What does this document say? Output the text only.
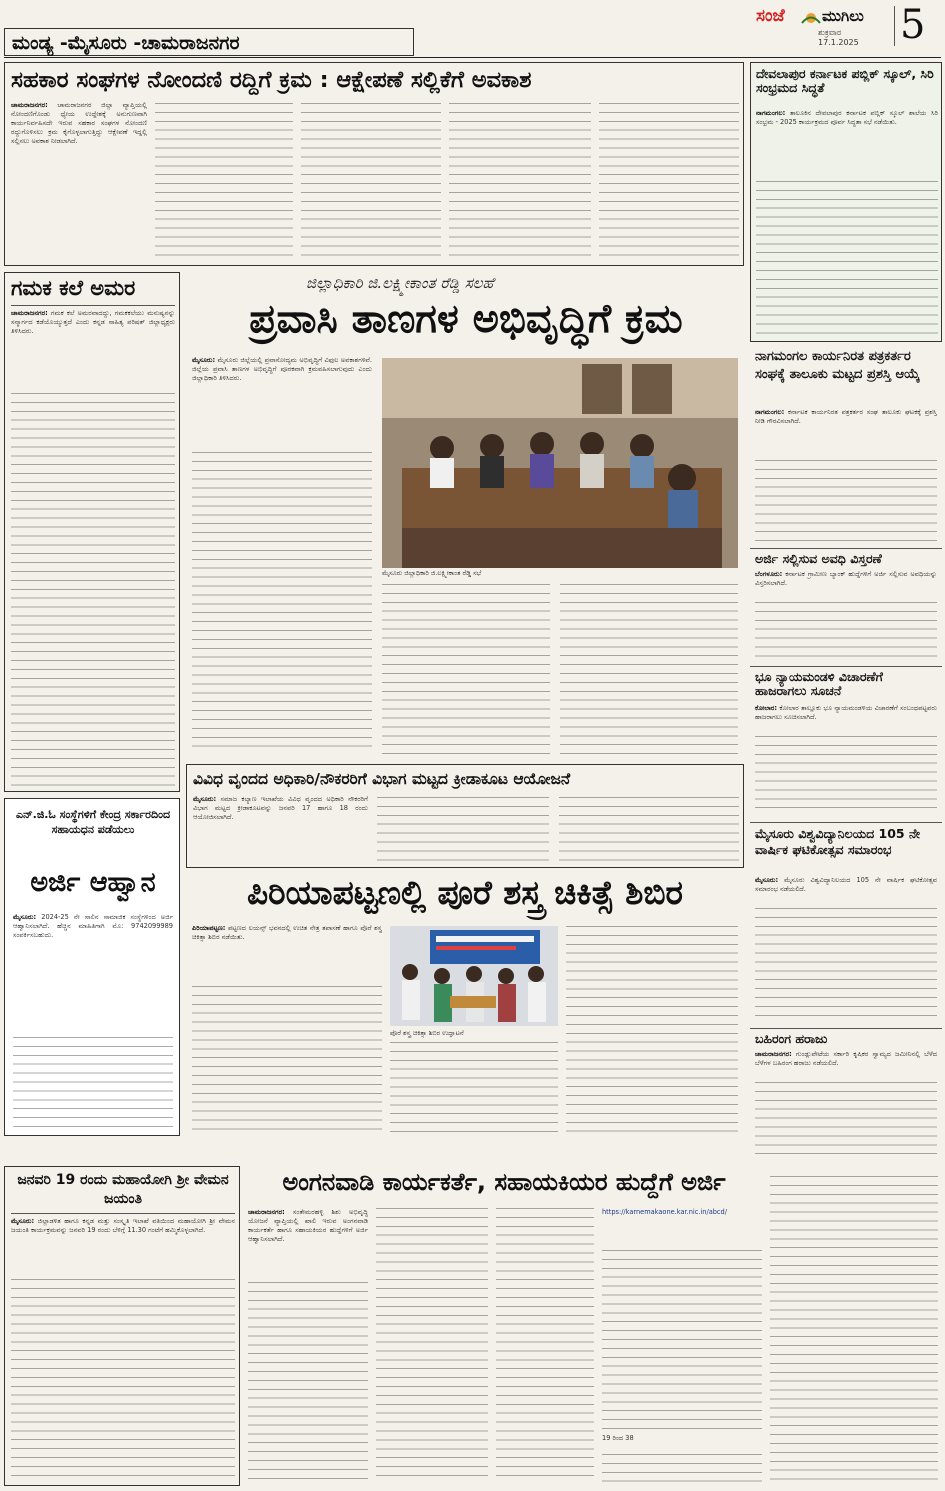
ಮಂಡ್ಯ -ಮೈಸೂರು -ಚಾಮರಾಜನಗರ
ಸಂಜೆ ಮುಗಿಲು
ಶುಕ್ರವಾರ
17.1.2025 5
ಸಹಕಾರ ಸಂಘಗಳ ನೋಂದಣಿ ರದ್ದಿಗೆ ಕ್ರಮ : ಆಕ್ಷೇಪಣೆ ಸಲ್ಲಿಕೆಗೆ ಅವಕಾಶ
ಚಾಮರಾಜನಗರ: ಚಾಮರಾಜನಗರ ಜಿಲ್ಲಾ ವ್ಯಾಪ್ತಿಯಲ್ಲಿ ನೋಂದಣಿಗೊಂಡು ಧ್ಯೇಯ ಉದ್ದೇಶಕ್ಕೆ ಅನುಗುಣವಾಗಿ ಕಾರ್ಯನಿರ್ವಹಿಸದೇ ಇರುವ ಸಹಕಾರ ಸಂಘಗಳ ನೋಂದಣಿ ರದ್ದುಗೊಳಿಸಲು ಕ್ರಮ ಕೈಗೊಳ್ಳಲಾಗುತ್ತಿದ್ದು ಆಕ್ಷೇಪಣೆ ಇದ್ದಲ್ಲಿ ಸಲ್ಲಿಸಲು ಅವಕಾಶ ನೀಡಲಾಗಿದೆ.
ಗಮಕ ಕಲೆ ಅಮರ
ಚಾಮರಾಜನಗರ: ಗಮಕ ಕಲೆ ಅಮರವಾದದ್ದು, ಗಮಕಕಲೆಯು ಮನುಷ್ಯನನ್ನು ಸನ್ಮಾರ್ಗದ ಕಡೆಯೊಯ್ಯುತ್ತದೆ ಎಂದು ಕನ್ನಡ ಸಾಹಿತ್ಯ ಪರಿಷತ್ ಜಿಲ್ಲಾಧ್ಯಕ್ಷರು ತಿಳಿಸಿದರು.
ಜಿಲ್ಲಾಧಿಕಾರಿ ಜಿ.ಲಕ್ಷ್ಮೀಕಾಂತ ರೆಡ್ಡಿ ಸಲಹೆ
ಪ್ರವಾಸಿ ತಾಣಗಳ ಅಭಿವೃದ್ಧಿಗೆ ಕ್ರಮ
ಮೈಸೂರು: ಮೈಸೂರು ಜಿಲ್ಲೆಯಲ್ಲಿ ಪ್ರವಾಸೋದ್ಯಮ ಅಭಿವೃದ್ಧಿಗೆ ವಿಫುಲ ಅವಕಾಶಗಳಿವೆ. ಜಿಲ್ಲೆಯ ಪ್ರವಾಸಿ ತಾಣಗಳ ಅಭಿವೃದ್ಧಿಗೆ ಪೂರಕವಾಗಿ ಕ್ರಮವಹಿಸಲಾಗುವುದು ಎಂದು ಜಿಲ್ಲಾಧಿಕಾರಿ ತಿಳಿಸಿದರು.
ಮೈಸೂರು ಜಿಲ್ಲಾಧಿಕಾರಿ ಜಿ.ಲಕ್ಷ್ಮೀಕಾಂತ ರೆಡ್ಡಿ ಸಭೆ
ವಿವಿಧ ವೃಂದದ ಅಧಿಕಾರಿ/ನೌಕರರಿಗೆ ವಿಭಾಗ ಮಟ್ಟದ ಕ್ರೀಡಾಕೂಟ ಆಯೋಜನೆ
ಮೈಸೂರು: ಸಮಾಜ ಕಲ್ಯಾಣ ಇಲಾಖೆಯ ವಿವಿಧ ವೃಂದದ ಅಧಿಕಾರಿ ನೌಕರರಿಗೆ ವಿಭಾಗ ಮಟ್ಟದ ಕ್ರೀಡಾಕೂಟವನ್ನು ಜನವರಿ 17 ಹಾಗೂ 18 ರಂದು ಆಯೋಜಿಸಲಾಗಿದೆ.
ಎನ್.ಜಿ.ಓ ಸಂಸ್ಥೆಗಳಿಗೆ ಕೇಂದ್ರ ಸರ್ಕಾರದಿಂದ ಸಹಾಯಧನ ಪಡೆಯಲು
ಅರ್ಜಿ ಆಹ್ವಾನ
ಮೈಸೂರು: 2024-25 ನೇ ಸಾಲಿನ ಸಾಮಾಜಿಕ ಸಂಸ್ಥೆಗಳಿಂದ ಅರ್ಜಿ ಆಹ್ವಾನಿಸಲಾಗಿದೆ. ಹೆಚ್ಚಿನ ಮಾಹಿತಿಗಾಗಿ ಮೊ: 9742099989 ಸಂಪರ್ಕಿಸಬಹುದು.
ಪಿರಿಯಾಪಟ್ಟಣಲ್ಲಿ ಪೂರೆ ಶಸ್ತ್ರ ಚಿಕಿತ್ಸೆ ಶಿಬಿರ
ಪಿರಿಯಾಪಟ್ಟಣ: ಪಟ್ಟಣದ ಲಯನ್ಸ್ ಭವನದಲ್ಲಿ ಉಚಿತ ನೇತ್ರ ತಪಾಸಣೆ ಹಾಗೂ ಪೊರೆ ಶಸ್ತ್ರ ಚಿಕಿತ್ಸಾ ಶಿಬಿರ ನಡೆಯಿತು.
ಪೊರೆ ಶಸ್ತ್ರ ಚಿಕಿತ್ಸಾ ಶಿಬಿರ ಉದ್ಘಾಟನೆ
ದೇವಲಾಪುರ ಕರ್ನಾಟಕ ಪಬ್ಲಿಕ್ ಸ್ಕೂಲ್, ಸಿರಿ ಸಂಭ್ರಮದ ಸಿದ್ಧತೆ
ನಾಗಮಂಗಲ: ತಾಲೂಕಿನ ದೇವಲಾಪುರ ಕರ್ನಾಟಕ ಪಬ್ಲಿಕ್ ಸ್ಕೂಲ್ ಶಾಲೆಯ ಸಿರಿ ಸಂಭ್ರಮ - 2025 ಕಾರ್ಯಕ್ರಮದ ಪೂರ್ವ ಸಿದ್ಧತಾ ಸಭೆ ನಡೆಯಿತು.
ನಾಗಮಂಗಲ ಕಾರ್ಯನಿರತ ಪತ್ರಕರ್ತರ ಸಂಘಕ್ಕೆ ತಾಲೂಕು ಮಟ್ಟದ ಪ್ರಶಸ್ತಿ ಆಯ್ಕೆ
ನಾಗಮಂಗಲ: ಕರ್ನಾಟಕ ಕಾರ್ಯನಿರತ ಪತ್ರಕರ್ತರ ಸಂಘ ತಾಲೂಕು ಘಟಕಕ್ಕೆ ಪ್ರಶಸ್ತಿ ನೀಡಿ ಗೌರವಿಸಲಾಗಿದೆ.
ಅರ್ಜಿ ಸಲ್ಲಿಸುವ ಅವಧಿ ವಿಸ್ತರಣೆ
ಬೆಂಗಳೂರು: ಕರ್ನಾಟಕ ಗ್ರಾಮೀಣ ಬ್ಯಾಂಕ್ ಹುದ್ದೆಗಳಿಗೆ ಅರ್ಜಿ ಸಲ್ಲಿಸುವ ಅವಧಿಯನ್ನು ವಿಸ್ತರಿಸಲಾಗಿದೆ.
ಭೂ ನ್ಯಾಯಮಂಡಳಿ ವಿಚಾರಣೆಗೆ ಹಾಜರಾಗಲು ಸೂಚನೆ
ಕೋಲಾರ: ಕೋಲಾರ ತಾಲ್ಲೂಕು ಭೂ ನ್ಯಾಯಮಂಡಳಿಯ ವಿಚಾರಣೆಗೆ ಸಂಬಂಧಪಟ್ಟವರು ಹಾಜರಾಗಲು ಸೂಚಿಸಲಾಗಿದೆ.
ಮೈಸೂರು ವಿಶ್ವವಿದ್ಯಾನಿಲಯದ 105 ನೇ ವಾರ್ಷಿಕ ಘಟಿಕೋತ್ಸವ ಸಮಾರಂಭ
ಮೈಸೂರು: ಮೈಸೂರು ವಿಶ್ವವಿದ್ಯಾನಿಲಯದ 105 ನೇ ವಾರ್ಷಿಕ ಘಟಿಕೋತ್ಸವ ಸಮಾರಂಭ ನಡೆಯಲಿದೆ.
ಬಹಿರಂಗ ಹರಾಜು
ಚಾಮರಾಜನಗರ: ಗುಂಡ್ಲುಪೇಟೆಯ ಸರ್ಕಾರಿ ಕೃಷಿಕರ ಸ್ವಾಮ್ಯದ ಜಮೀನಿನಲ್ಲಿ ಬೆಳೆದ ಬೆಳೆಗಳ ಬಹಿರಂಗ ಹರಾಜು ನಡೆಯಲಿದೆ.
ಜನವರಿ 19 ರಂದು ಮಹಾಯೋಗಿ ಶ್ರೀ ವೇಮನ ಜಯಂತಿ
ಮೈಸೂರು: ಜಿಲ್ಲಾಡಳಿತ ಹಾಗೂ ಕನ್ನಡ ಮತ್ತು ಸಂಸ್ಕೃತಿ ಇಲಾಖೆ ವತಿಯಿಂದ ಮಹಾಯೋಗಿ ಶ್ರೀ ವೇಮನ ಜಯಂತಿ ಕಾರ್ಯಕ್ರಮವನ್ನು ಜನವರಿ 19 ರಂದು ಬೆಳಿಗ್ಗೆ 11.30 ಗಂಟೆಗೆ ಹಮ್ಮಿಕೊಳ್ಳಲಾಗಿದೆ.
ಅಂಗನವಾಡಿ ಕಾರ್ಯಕರ್ತೆ, ಸಹಾಯಕಿಯರ ಹುದ್ದೆಗೆ ಅರ್ಜಿ
ಚಾಮರಾಜನಗರ: ಸಂತೇಮರಹಳ್ಳಿ ಶಿಶು ಅಭಿವೃದ್ಧಿ ಯೋಜನೆ ವ್ಯಾಪ್ತಿಯಲ್ಲಿ ಖಾಲಿ ಇರುವ ಅಂಗನವಾಡಿ ಕಾರ್ಯಕರ್ತೆ ಹಾಗೂ ಸಹಾಯಕಿಯರ ಹುದ್ದೆಗಳಿಗೆ ಅರ್ಜಿ ಆಹ್ವಾನಿಸಲಾಗಿದೆ.
https://karnemakaone.kar.nic.in/abcd/
19 ರಿಂದ 38
